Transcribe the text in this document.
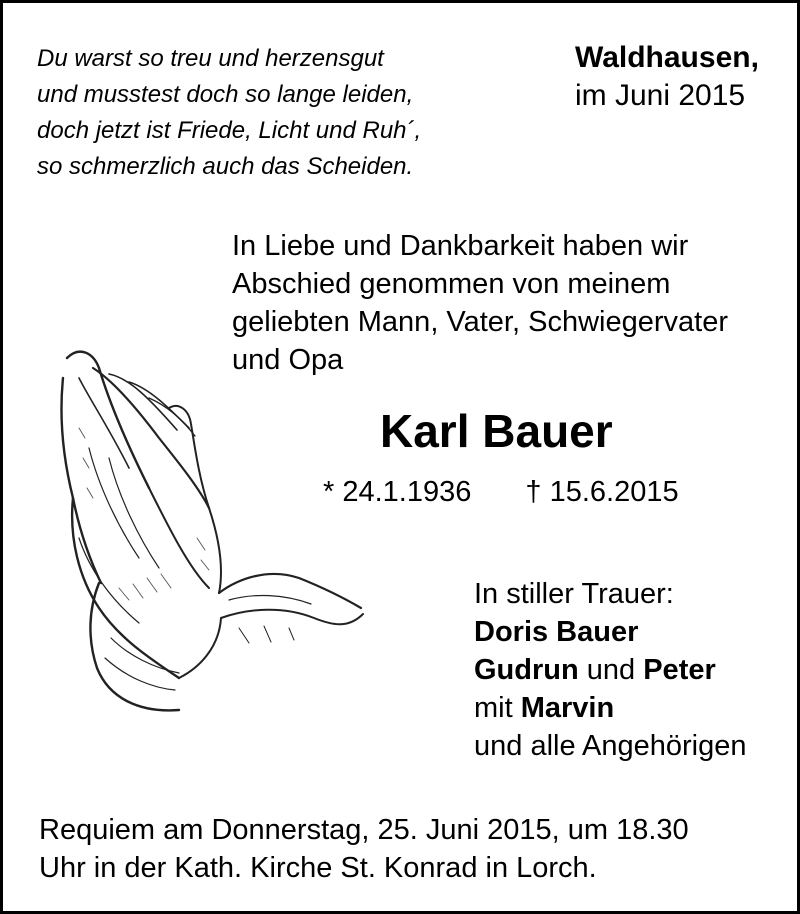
Du warst so treu und herzensgut
und musstest doch so lange leiden,
doch jetzt ist Friede, Licht und Ruh´,
so schmerzlich auch das Scheiden.
Waldhausen,
im Juni 2015
In Liebe und Dankbarkeit haben wir
Abschied genommen von meinem
geliebten Mann, Vater, Schwiegervater
und Opa
Karl Bauer
* 24.1.1936 † 15.6.2015
In stiller Trauer:
Doris Bauer
Gudrun und Peter
mit Marvin
und alle Angehörigen
Requiem am Donnerstag, 25. Juni 2015, um 18.30
Uhr in der Kath. Kirche St. Konrad in Lorch.
